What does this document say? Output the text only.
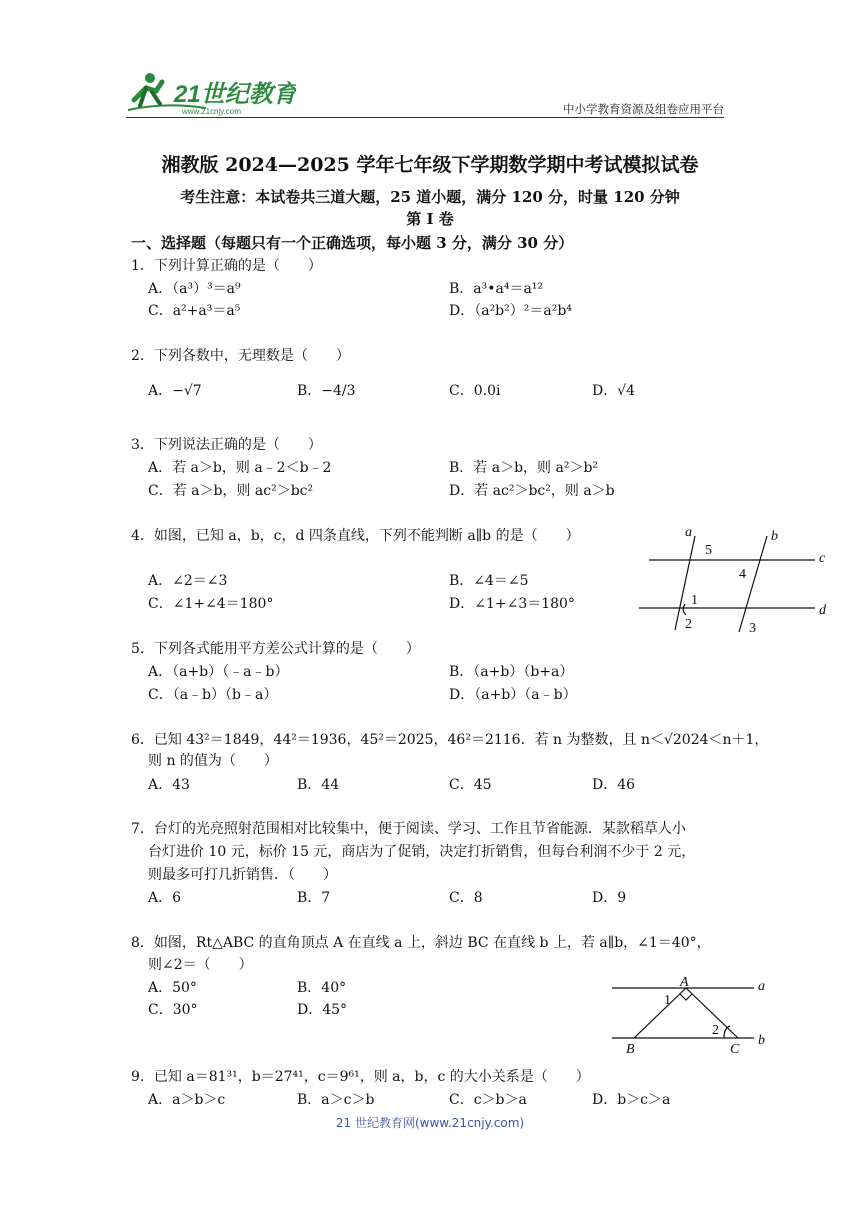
21世纪教育
www.21cnjy.com	中小学教育资源及组卷应用平台
湘教版 2024—2025 学年七年级下学期数学期中考试模拟试卷
考生注意：本试卷共三道大题，25 道小题，满分 120 分，时量 120 分钟
第 I 卷
一、选择题（每题只有一个正确选项，每小题 3 分，满分 30 分）
1．下列计算正确的是（　　）
A．（a³）³＝a⁹	B．a³•a⁴＝a¹²
C．a²+a³＝a⁵	D．（a²b²）²＝a²b⁴
2．下列各数中，无理数是（　　）
A．−√7	B．−4/3	C．0.0i	D．√4
3．下列说法正确的是（　　）
A．若 a＞b，则 a﹣2＜b﹣2	B．若 a＞b，则 a²＞b²
C．若 a＞b，则 ac²＞bc²	D．若 ac²＞bc²，则 a＞b
4．如图，已知 a，b，c，d 四条直线，下列不能判断 a∥b 的是（　　）
A．∠2＝∠3	B．∠4＝∠5
C．∠1+∠4＝180°	D．∠1+∠3＝180°
a	b
c
d
1
2	3
4
5
5．下列各式能用平方差公式计算的是（　　）
A．（a+b）（﹣a﹣b）	B．（a+b）（b+a）
C．（a﹣b）（b﹣a）	D．（a+b）（a﹣b）
6．已知 43²＝1849，44²＝1936，45²＝2025，46²＝2116．若 n 为整数，且 n＜√2024＜n＋1，
则 n 的值为（　　）
A．43	B．44	C．45	D．46
7．台灯的光亮照射范围相对比较集中，便于阅读、学习、工作且节省能源．某款稻草人小
台灯进价 10 元，标价 15 元，商店为了促销，决定打折销售，但每台利润不少于 2 元，
则最多可打几折销售．（　　）
A．6	B．7	C．8	D．9
8．如图，Rt△ABC 的直角顶点 A 在直线 a 上，斜边 BC 在直线 b 上，若 a∥b，∠1＝40°，
则∠2＝（　　）
A．50°	B．40°
C．30°	D．45°
A	a
B	C
b
1
2
9．已知 a＝81³¹，b＝27⁴¹，c＝9⁶¹，则 a，b，c 的大小关系是（　　）
A．a＞b＞c	B．a＞c＞b	C．c＞b＞a	D．b＞c＞a
21 世纪教育网(www.21cnjy.com)
